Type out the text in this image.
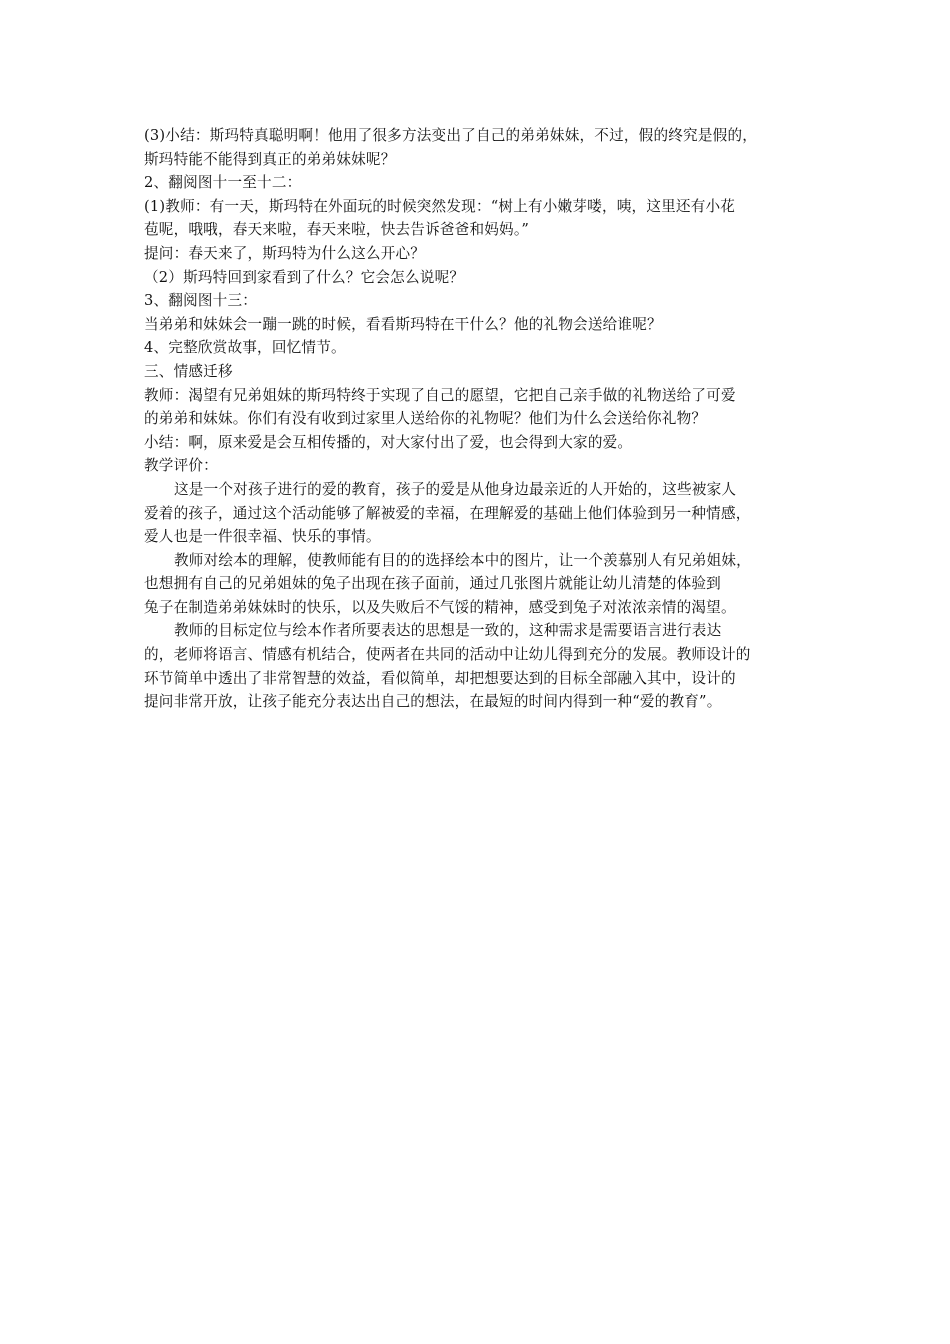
(3)小结：斯玛特真聪明啊！他用了很多方法变出了自己的弟弟妹妹，不过，假的终究是假的，
斯玛特能不能得到真正的弟弟妹妹呢？
2、翻阅图十一至十二：
(1)教师：有一天，斯玛特在外面玩的时候突然发现：“树上有小嫩芽喽，咦，这里还有小花
苞呢，哦哦，春天来啦，春天来啦，快去告诉爸爸和妈妈。”
提问：春天来了，斯玛特为什么这么开心？
（2）斯玛特回到家看到了什么？它会怎么说呢？
3、翻阅图十三：
当弟弟和妹妹会一蹦一跳的时候，看看斯玛特在干什么？他的礼物会送给谁呢？
4、完整欣赏故事，回忆情节。
三、情感迁移
教师：渴望有兄弟姐妹的斯玛特终于实现了自己的愿望，它把自己亲手做的礼物送给了可爱
的弟弟和妹妹。你们有没有收到过家里人送给你的礼物呢？他们为什么会送给你礼物？
小结：啊，原来爱是会互相传播的，对大家付出了爱，也会得到大家的爱。
教学评价：
这是一个对孩子进行的爱的教育，孩子的爱是从他身边最亲近的人开始的，这些被家人
爱着的孩子，通过这个活动能够了解被爱的幸福，在理解爱的基础上他们体验到另一种情感，
爱人也是一件很幸福、快乐的事情。
教师对绘本的理解，使教师能有目的的选择绘本中的图片，让一个羡慕别人有兄弟姐妹，
也想拥有自己的兄弟姐妹的兔子出现在孩子面前，通过几张图片就能让幼儿清楚的体验到
兔子在制造弟弟妹妹时的快乐，以及失败后不气馁的精神，感受到兔子对浓浓亲情的渴望。
教师的目标定位与绘本作者所要表达的思想是一致的，这种需求是需要语言进行表达
的，老师将语言、情感有机结合，使两者在共同的活动中让幼儿得到充分的发展。教师设计的
环节简单中透出了非常智慧的效益，看似简单，却把想要达到的目标全部融入其中，设计的
提问非常开放，让孩子能充分表达出自己的想法，在最短的时间内得到一种“爱的教育”。
